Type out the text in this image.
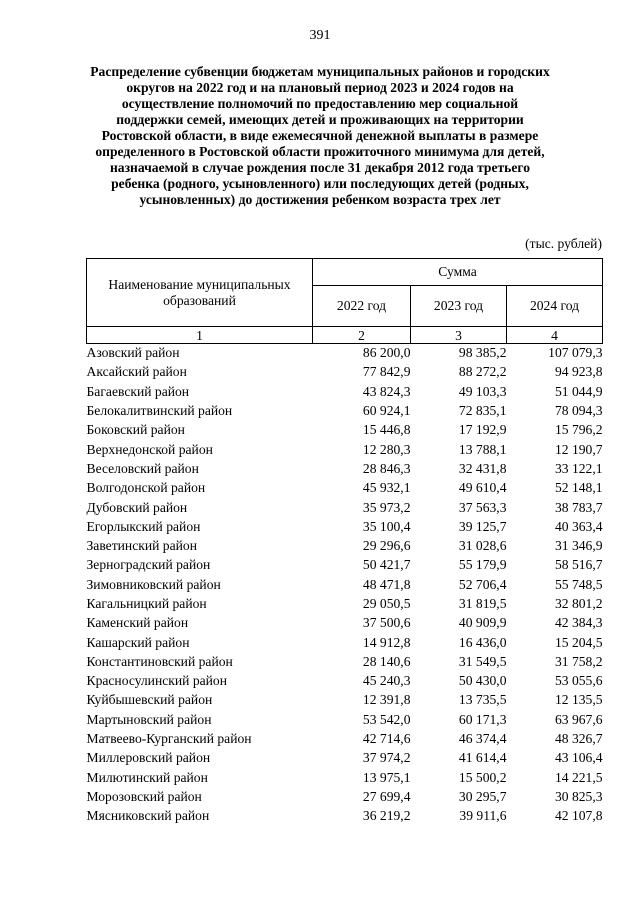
391
Распределение субвенции бюджетам муниципальных районов и городских округов на 2022 год и на плановый период 2023 и 2024 годов на осуществление полномочий по предоставлению мер социальной поддержки семей, имеющих детей и проживающих на территории Ростовской области, в виде ежемесячной денежной выплаты в размере определенного в Ростовской области прожиточного минимума для детей, назначаемой в случае рождения после 31 декабря 2012 года третьего ребенка (родного, усыновленного) или последующих детей (родных, усыновленных) до достижения ребенком возраста трех лет
(тыс. рублей)
Наименование муниципальных образований	Сумма		
	2022 год	2023 год	2024 год
1	2	3	4
Азовский район	86 200,0	98 385,2	107 079,3
Аксайский район	77 842,9	88 272,2	94 923,8
Багаевский район	43 824,3	49 103,3	51 044,9
Белокалитвинский район	60 924,1	72 835,1	78 094,3
Боковский район	15 446,8	17 192,9	15 796,2
Верхнедонской район	12 280,3	13 788,1	12 190,7
Веселовский район	28 846,3	32 431,8	33 122,1
Волгодонской район	45 932,1	49 610,4	52 148,1
Дубовский район	35 973,2	37 563,3	38 783,7
Егорлыкский район	35 100,4	39 125,7	40 363,4
Заветинский район	29 296,6	31 028,6	31 346,9
Зерноградский район	50 421,7	55 179,9	58 516,7
Зимовниковский район	48 471,8	52 706,4	55 748,5
Кагальницкий район	29 050,5	31 819,5	32 801,2
Каменский район	37 500,6	40 909,9	42 384,3
Кашарский район	14 912,8	16 436,0	15 204,5
Константиновский район	28 140,6	31 549,5	31 758,2
Красносулинский район	45 240,3	50 430,0	53 055,6
Куйбышевский район	12 391,8	13 735,5	12 135,5
Мартыновский район	53 542,0	60 171,3	63 967,6
Матвеево-Курганский район	42 714,6	46 374,4	48 326,7
Миллеровский район	37 974,2	41 614,4	43 106,4
Милютинский район	13 975,1	15 500,2	14 221,5
Морозовский район	27 699,4	30 295,7	30 825,3
Мясниковский район	36 219,2	39 911,6	42 107,8
